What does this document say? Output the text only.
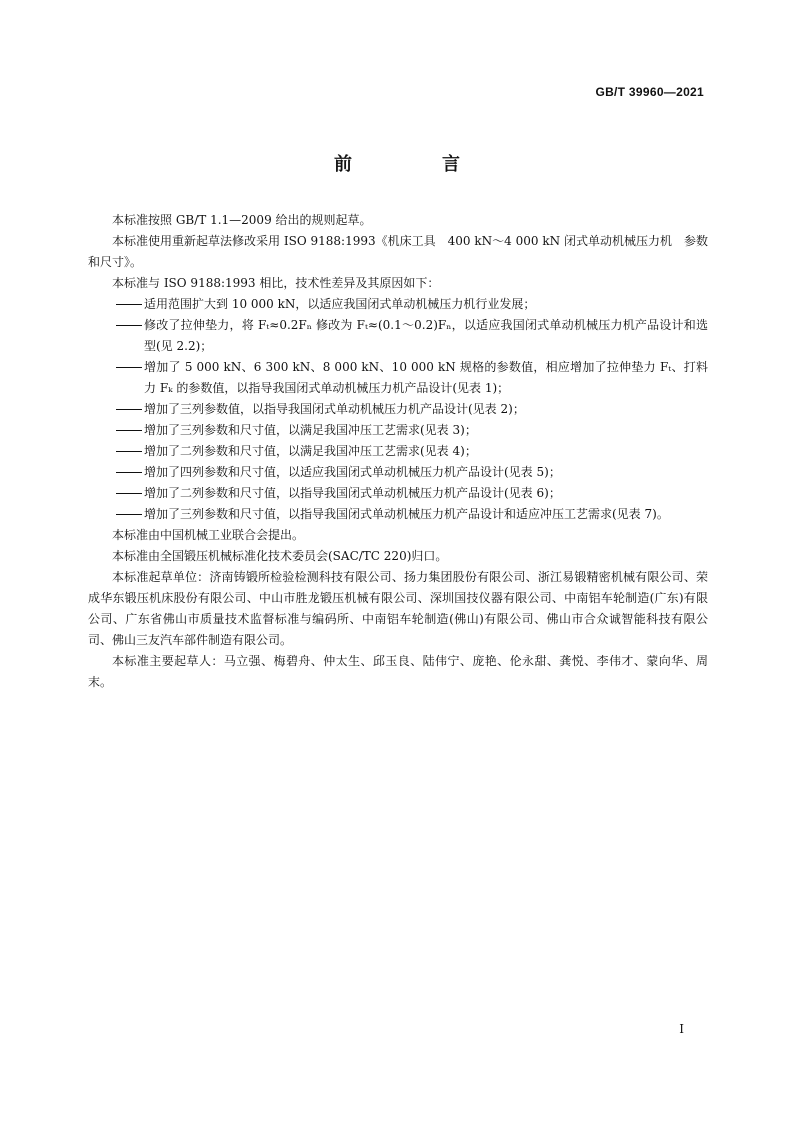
GB/T 39960—2021
前　言

本标准按照 GB/T 1.1—2009 给出的规则起草。

本标准使用重新起草法修改采用 ISO 9188:1993《机床工具　400 kN～4 000 kN 闭式单动机械压力机　参数和尺寸》。

本标准与 ISO 9188:1993 相比，技术性差异及其原因如下：

适用范围扩大到 10 000 kN，以适应我国闭式单动机械压力机行业发展；

修改了拉伸垫力，将 Fₜ≈0.2Fₙ 修改为 Fₜ≈(0.1～0.2)Fₙ，以适应我国闭式单动机械压力机产品设计和选型(见 2.2)；

增加了 5 000 kN、6 300 kN、8 000 kN、10 000 kN 规格的参数值，相应增加了拉伸垫力 Fₜ、打料力 Fₖ 的参数值，以指导我国闭式单动机械压力机产品设计(见表 1)；

增加了三列参数值，以指导我国闭式单动机械压力机产品设计(见表 2)；

增加了三列参数和尺寸值，以满足我国冲压工艺需求(见表 3)；

增加了二列参数和尺寸值，以满足我国冲压工艺需求(见表 4)；

增加了四列参数和尺寸值，以适应我国闭式单动机械压力机产品设计(见表 5)；

增加了二列参数和尺寸值，以指导我国闭式单动机械压力机产品设计(见表 6)；

增加了三列参数和尺寸值，以指导我国闭式单动机械压力机产品设计和适应冲压工艺需求(见表 7)。

本标准由中国机械工业联合会提出。

本标准由全国锻压机械标准化技术委员会(SAC/TC 220)归口。

本标准起草单位：济南铸锻所检验检测科技有限公司、扬力集团股份有限公司、浙江易锻精密机械有限公司、荣成华东锻压机床股份有限公司、中山市胜龙锻压机械有限公司、深圳国技仪器有限公司、中南铝车轮制造(广东)有限公司、广东省佛山市质量技术监督标准与编码所、中南铝车轮制造(佛山)有限公司、佛山市合众诚智能科技有限公司、佛山三友汽车部件制造有限公司。

本标准主要起草人：马立强、梅碧舟、仲太生、邱玉良、陆伟宁、庞艳、伦永甜、龚悦、李伟才、蒙向华、周末。

I
